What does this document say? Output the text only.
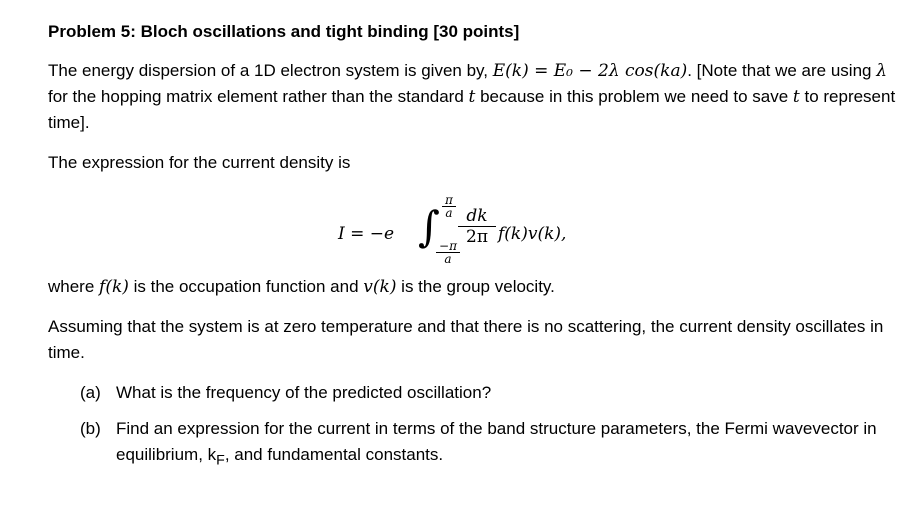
Problem 5: Bloch oscillations and tight binding [30 points]
The energy dispersion of a 1D electron system is given by, E(k) = E₀ − 2λ cos(ka). [Note that we are using λ for the hopping matrix element rather than the standard t because in this problem we need to save t to represent time].
The expression for the current density is
I = −e ∫ $\frac{\pi}{a}$
$\frac{-\pi}{a}$
$\frac{dk}{2\pi} f(k)v(k)$,
where f(k) is the occupation function and v(k) is the group velocity.
Assuming that the system is at zero temperature and that there is no scattering, the current density oscillates in time.
(a) What is the frequency of the predicted oscillation?
(b) Find an expression for the current in terms of the band structure parameters, the Fermi wavevector in equilibrium, $k_F$, and fundamental constants.
